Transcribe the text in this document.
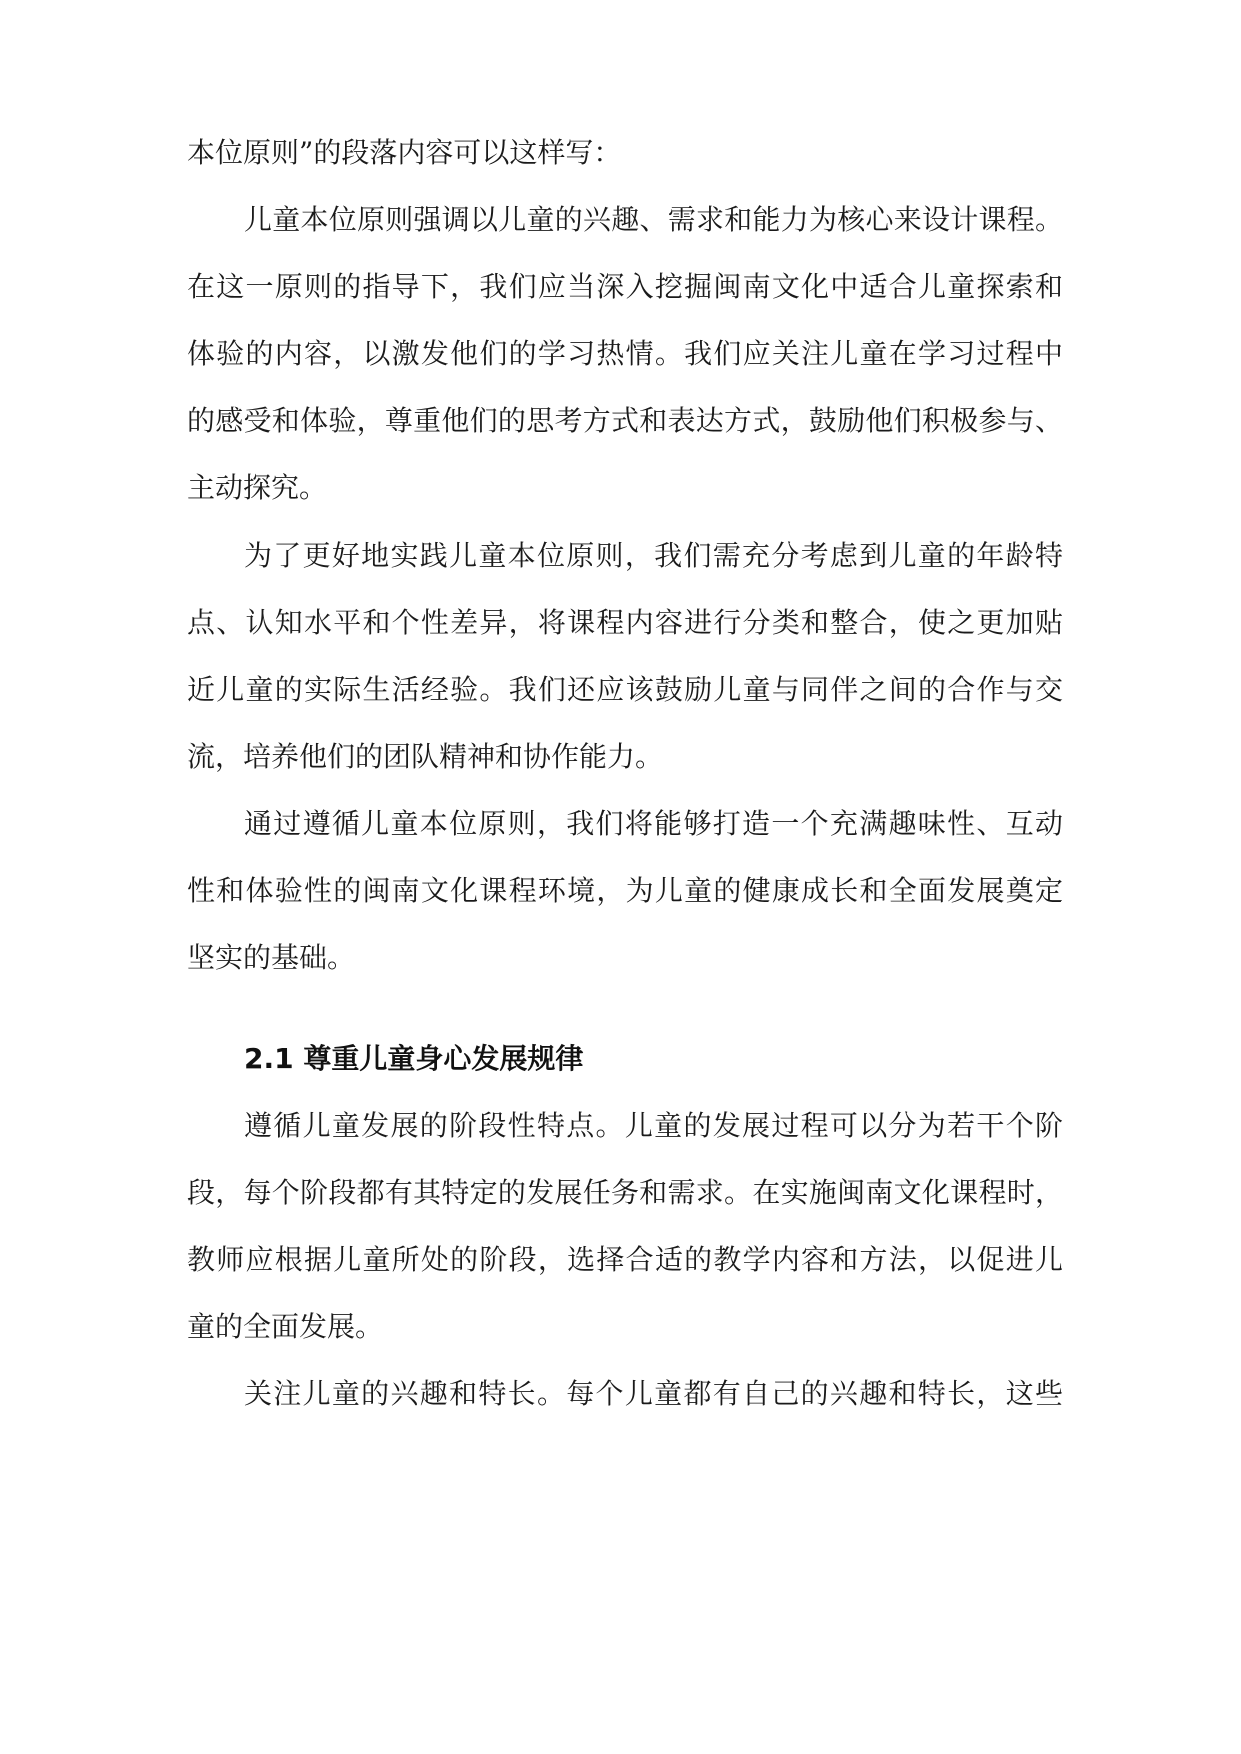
本位原则”的段落内容可以这样写：
儿童本位原则强调以儿童的兴趣、需求和能力为核心来设计课程。
在这一原则的指导下，我们应当深入挖掘闽南文化中适合儿童探索和
体验的内容，以激发他们的学习热情。我们应关注儿童在学习过程中
的感受和体验，尊重他们的思考方式和表达方式，鼓励他们积极参与、
主动探究。
为了更好地实践儿童本位原则，我们需充分考虑到儿童的年龄特
点、认知水平和个性差异，将课程内容进行分类和整合，使之更加贴
近儿童的实际生活经验。我们还应该鼓励儿童与同伴之间的合作与交
流，培养他们的团队精神和协作能力。
通过遵循儿童本位原则，我们将能够打造一个充满趣味性、互动
性和体验性的闽南文化课程环境，为儿童的健康成长和全面发展奠定
坚实的基础。
2.1 尊重儿童身心发展规律
遵循儿童发展的阶段性特点。儿童的发展过程可以分为若干个阶
段，每个阶段都有其特定的发展任务和需求。在实施闽南文化课程时，
教师应根据儿童所处的阶段，选择合适的教学内容和方法，以促进儿
童的全面发展。
关注儿童的兴趣和特长。每个儿童都有自己的兴趣和特长，这些
